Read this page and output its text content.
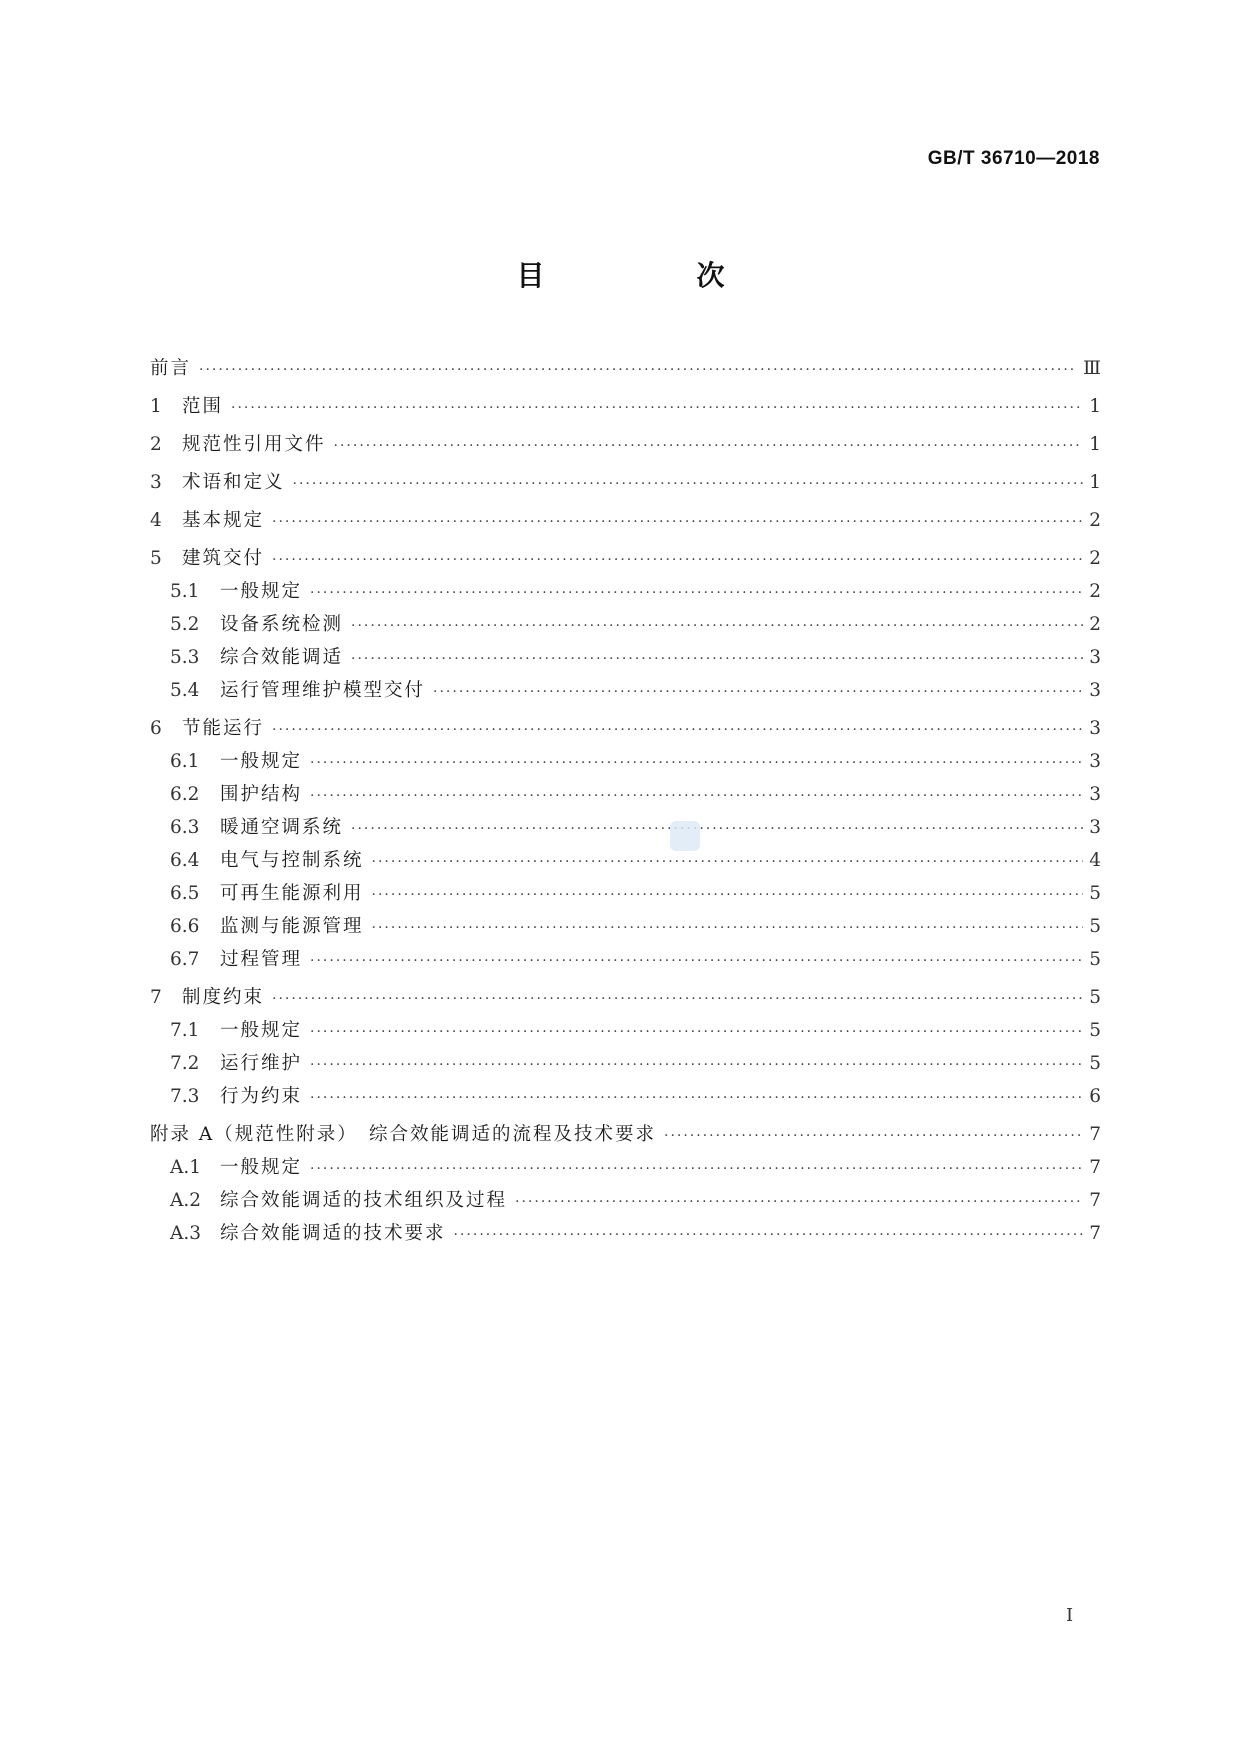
GB/T 36710—2018
目　次
前言 ·····	Ⅲ
1	范围 ·····	1
2	规范性引用文件 ·····	1
3	术语和定义 ·····	1
4	基本规定 ·····	2
5	建筑交付 ·····	2
5.1	一般规定 ·····	2
5.2	设备系统检测 ·····	2
5.3	综合效能调适 ·····	3
5.4	运行管理维护模型交付 ·····	3
6	节能运行 ·····	3
6.1	一般规定 ·····	3
6.2	围护结构 ·····	3
6.3	暖通空调系统 ·····	3
6.4	电气与控制系统 ·····	4
6.5	可再生能源利用 ·····	5
6.6	监测与能源管理 ·····	5
6.7	过程管理 ·····	5
7	制度约束 ·····	5
7.1	一般规定 ·····	5
7.2	运行维护 ·····	5
7.3	行为约束 ·····	6
附录 A（规范性附录）　综合效能调适的流程及技术要求 ·····	7
A.1	一般规定 ·····	7
A.2	综合效能调适的技术组织及过程 ·····	7
A.3	综合效能调适的技术要求 ·····	7
I
